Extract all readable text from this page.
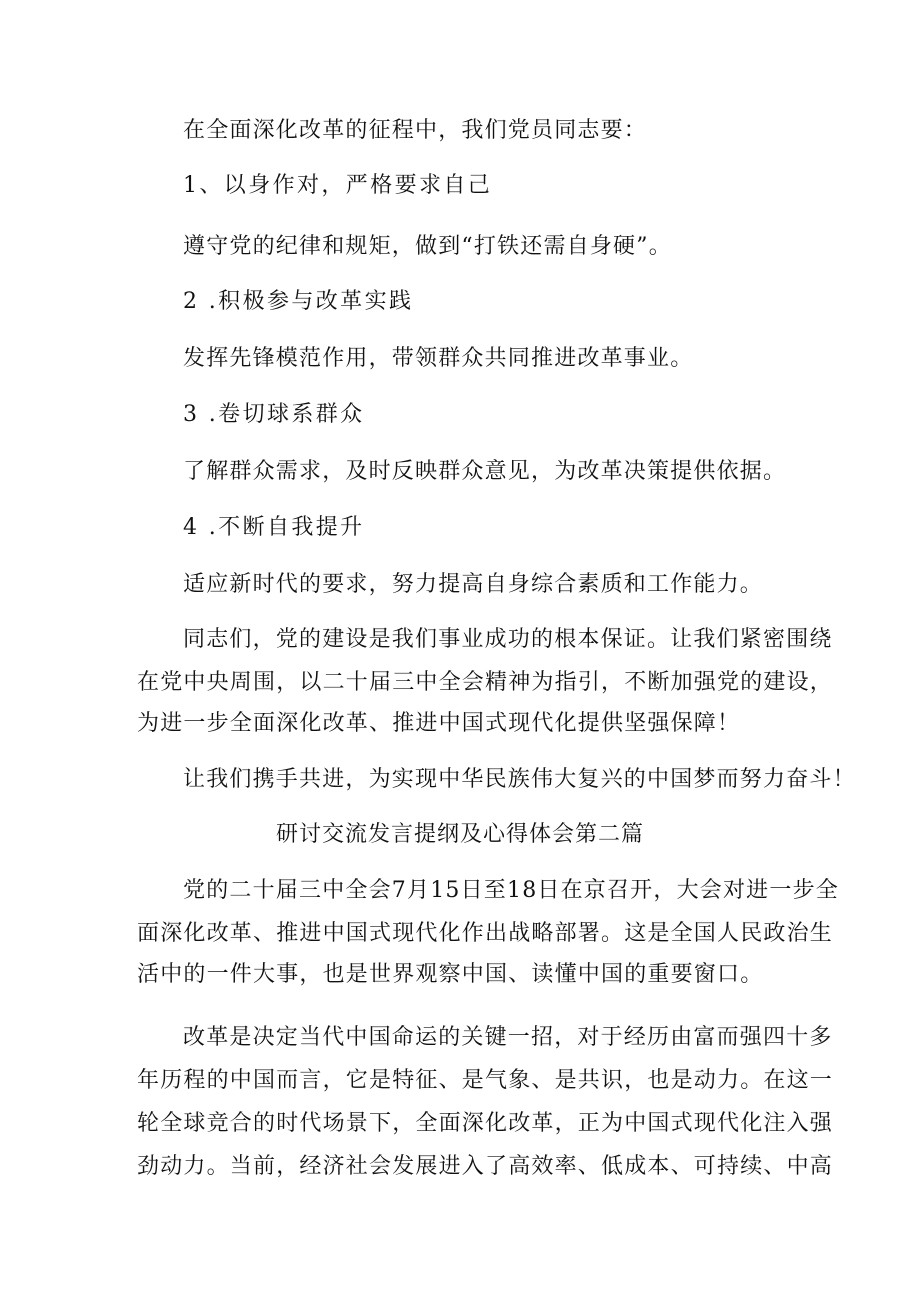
在全面深化改革的征程中，我们党员同志要：
1、以身作对，严格要求自己
遵守党的纪律和规矩，做到“打铁还需自身硬”。
2 .积极参与改革实践
发挥先锋模范作用，带领群众共同推进改革事业。
3 .卷切球系群众
了解群众需求，及时反映群众意见，为改革决策提供依据。
4 .不断自我提升
适应新时代的要求，努力提高自身综合素质和工作能力。
同志们，党的建设是我们事业成功的根本保证。让我们紧密围绕
在党中央周围，以二十届三中全会精神为指引，不断加强党的建设，
为进一步全面深化改革、推进中国式现代化提供坚强保障！
让我们携手共进，为实现中华民族伟大复兴的中国梦而努力奋斗！
研讨交流发言提纲及心得体会第二篇
党的二十届三中全会7月15日至18日在京召开，大会对进一步全
面深化改革、推进中国式现代化作出战略部署。这是全国人民政治生
活中的一件大事，也是世界观察中国、读懂中国的重要窗口。
改革是决定当代中国命运的关键一招，对于经历由富而强四十多
年历程的中国而言，它是特征、是气象、是共识，也是动力。在这一
轮全球竞合的时代场景下，全面深化改革，正为中国式现代化注入强
劲动力。当前，经济社会发展进入了高效率、低成本、可持续、中高
